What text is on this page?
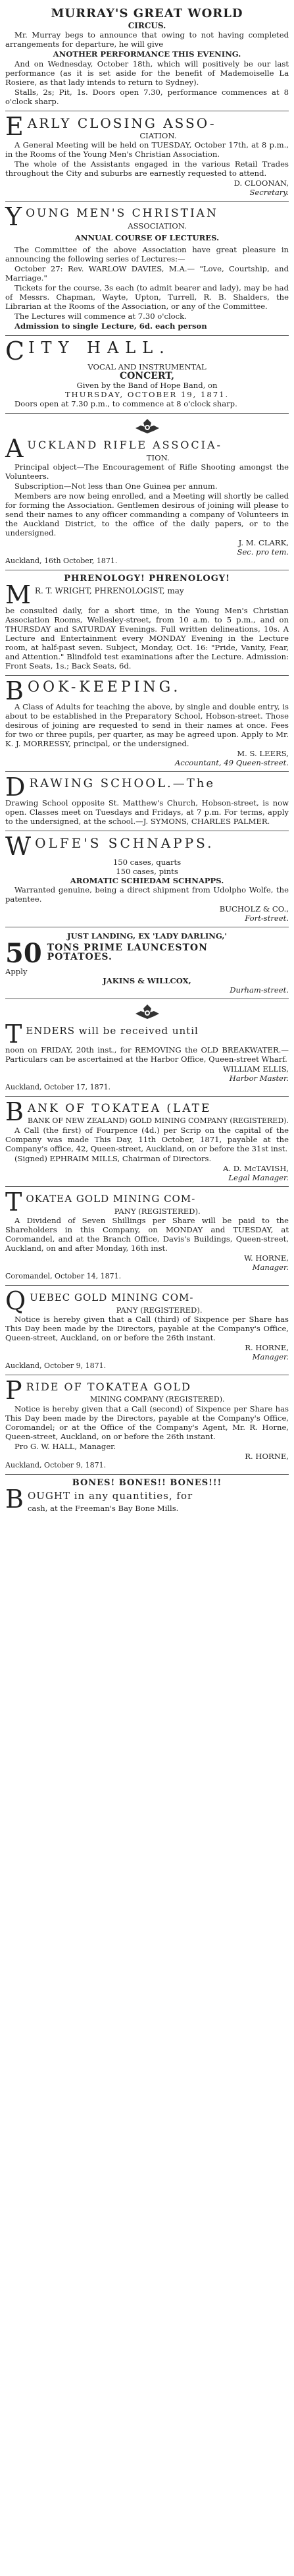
MURRAY'S GREAT WORLD
CIRCUS.

Mr. Murray begs to announce that owing to not having completed arrangements for departure, he will give

ANOTHER PERFORMANCE THIS EVENING.

And on Wednesday, October 18th, which will positively be our last performance (as it is set aside for the benefit of Mademoiselle La Rosiere, as that lady intends to return to Sydney).

Stalls, 2s; Pit, 1s. Doors open 7.30, performance commences at 8 o'clock sharp.

E ARLY CLOSING ASSO-
CIATION.

A General Meeting will be held on TUESDAY, October 17th, at 8 p.m., in the Rooms of the Young Men's Christian Association.

The whole of the Assistants engaged in the various Retail Trades throughout the City and suburbs are earnestly requested to attend.

D. CLOONAN,
Secretary.
Y OUNG MEN'S CHRISTIAN
ASSOCIATION.
ANNUAL COURSE OF LECTURES.

The Committee of the above Association have great pleasure in announcing the following series of Lectures:—

October 27: Rev. WARLOW DAVIES, M.A.— "Love, Courtship, and Marriage."

Tickets for the course, 3s each (to admit bearer and lady), may be had of Messrs. Chapman, Wayte, Upton, Turrell, R. B. Shalders, the Librarian at the Rooms of the Association, or any of the Committee.

The Lectures will commence at 7.30 o'clock.

Admission to single Lecture, 6d. each person

C ITY HALL.
VOCAL AND INSTRUMENTAL
CONCERT,
Given by the Band of Hope Band, on
THURSDAY, OCTOBER 19, 1871.

Doors open at 7.30 p.m., to commence at 8 o'clock sharp.

A UCKLAND RIFLE ASSOCIA-
TION.

Principal object—The Encouragement of Rifle Shooting amongst the Volunteers.

Subscription—Not less than One Guinea per annum.

Members are now being enrolled, and a Meeting will shortly be called for forming the Association. Gentlemen desirous of joining will please to send their names to any officer commanding a company of Volunteers in the Auckland District, to the office of the daily papers, or to the undersigned.

J. M. CLARK,
Sec. pro tem.
Auckland, 16th October, 1871.
PHRENOLOGY! PHRENOLOGY!
M R. T. WRIGHT, PHRENOLOGIST, may

be consulted daily, for a short time, in the Young Men's Christian Association Rooms, Wellesley-street, from 10 a.m. to 5 p.m., and on THURSDAY and SATURDAY Evenings. Full written delineations, 10s. A Lecture and Entertainment every MONDAY Evening in the Lecture room, at half-past seven. Subject, Monday, Oct. 16: "Pride, Vanity, Fear, and Attention." Blindfold test examinations after the Lecture. Admission: Front Seats, 1s.; Back Seats, 6d.

B OOK-KEEPING.

A Class of Adults for teaching the above, by single and double entry, is about to be established in the Preparatory School, Hobson-street. Those desirous of joining are requested to send in their names at once. Fees for two or three pupils, per quarter, as may be agreed upon. Apply to Mr. K. J. MORRESSY, principal, or the undersigned.

M. S. LEERS,
Accountant, 49 Queen-street.
D RAWING SCHOOL.—The

Drawing School opposite St. Matthew's Church, Hobson-street, is now open. Classes meet on Tuesdays and Fridays, at 7 p.m. For terms, apply to the undersigned, at the school.—J. SYMONS, CHARLES PALMER.

W OLFE'S SCHNAPPS.
150 cases, quarts
150 cases, pints
AROMATIC SCHIEDAM SCHNAPPS.

Warranted genuine, being a direct shipment from Udolpho Wolfe, the patentee.

BUCHOLZ & CO.,
Fort-street.
JUST LANDING, EX 'LADY DARLING,'
50 TONS PRIME LAUNCESTON
POTATOES.
Apply
JAKINS & WILLCOX,
Durham-street.
T ENDERS will be received until

noon on FRIDAY, 20th inst., for REMOVING the OLD BREAKWATER.—Particulars can be ascertained at the Harbor Office, Queen-street Wharf.

WILLIAM ELLIS,
Harbor Master.
Auckland, October 17, 1871.
B ANK OF TOKATEA (LATE
BANK OF NEW ZEALAND) GOLD MINING COMPANY (REGISTERED).

A Call (the first) of Fourpence (4d.) per Scrip on the capital of the Company was made This Day, 11th October, 1871, payable at the Company's office, 42, Queen-street, Auckland, on or before the 31st inst.

(Signed) EPHRAIM MILLS, Chairman of Directors.

A. D. McTAVISH,
Legal Manager.
T OKATEA GOLD MINING COM-
PANY (REGISTERED).

A Dividend of Seven Shillings per Share will be paid to the Shareholders in this Company, on MONDAY and TUESDAY, at Coromandel, and at the Branch Office, Davis's Buildings, Queen-street, Auckland, on and after Monday, 16th inst.

W. HORNE,
Manager.
Coromandel, October 14, 1871.
Q UEBEC GOLD MINING COM-
PANY (REGISTERED).

Notice is hereby given that a Call (third) of Sixpence per Share has This Day been made by the Directors, payable at the Company's Office, Queen-street, Auckland, on or before the 26th instant.

R. HORNE,
Manager.
Auckland, October 9, 1871.
P RIDE OF TOKATEA GOLD
MINING COMPANY (REGISTERED).

Notice is hereby given that a Call (second) of Sixpence per Share has This Day been made by the Directors, payable at the Company's Office, Coromandel; or at the Office of the Company's Agent, Mr. R. Horne, Queen-street, Auckland, on or before the 26th instant.

Pro G. W. HALL, Manager.

R. HORNE,
Auckland, October 9, 1871.
BONES! BONES!! BONES!!!
B OUGHT in any quantities, for
cash, at the Freeman's Bay Bone Mills.
